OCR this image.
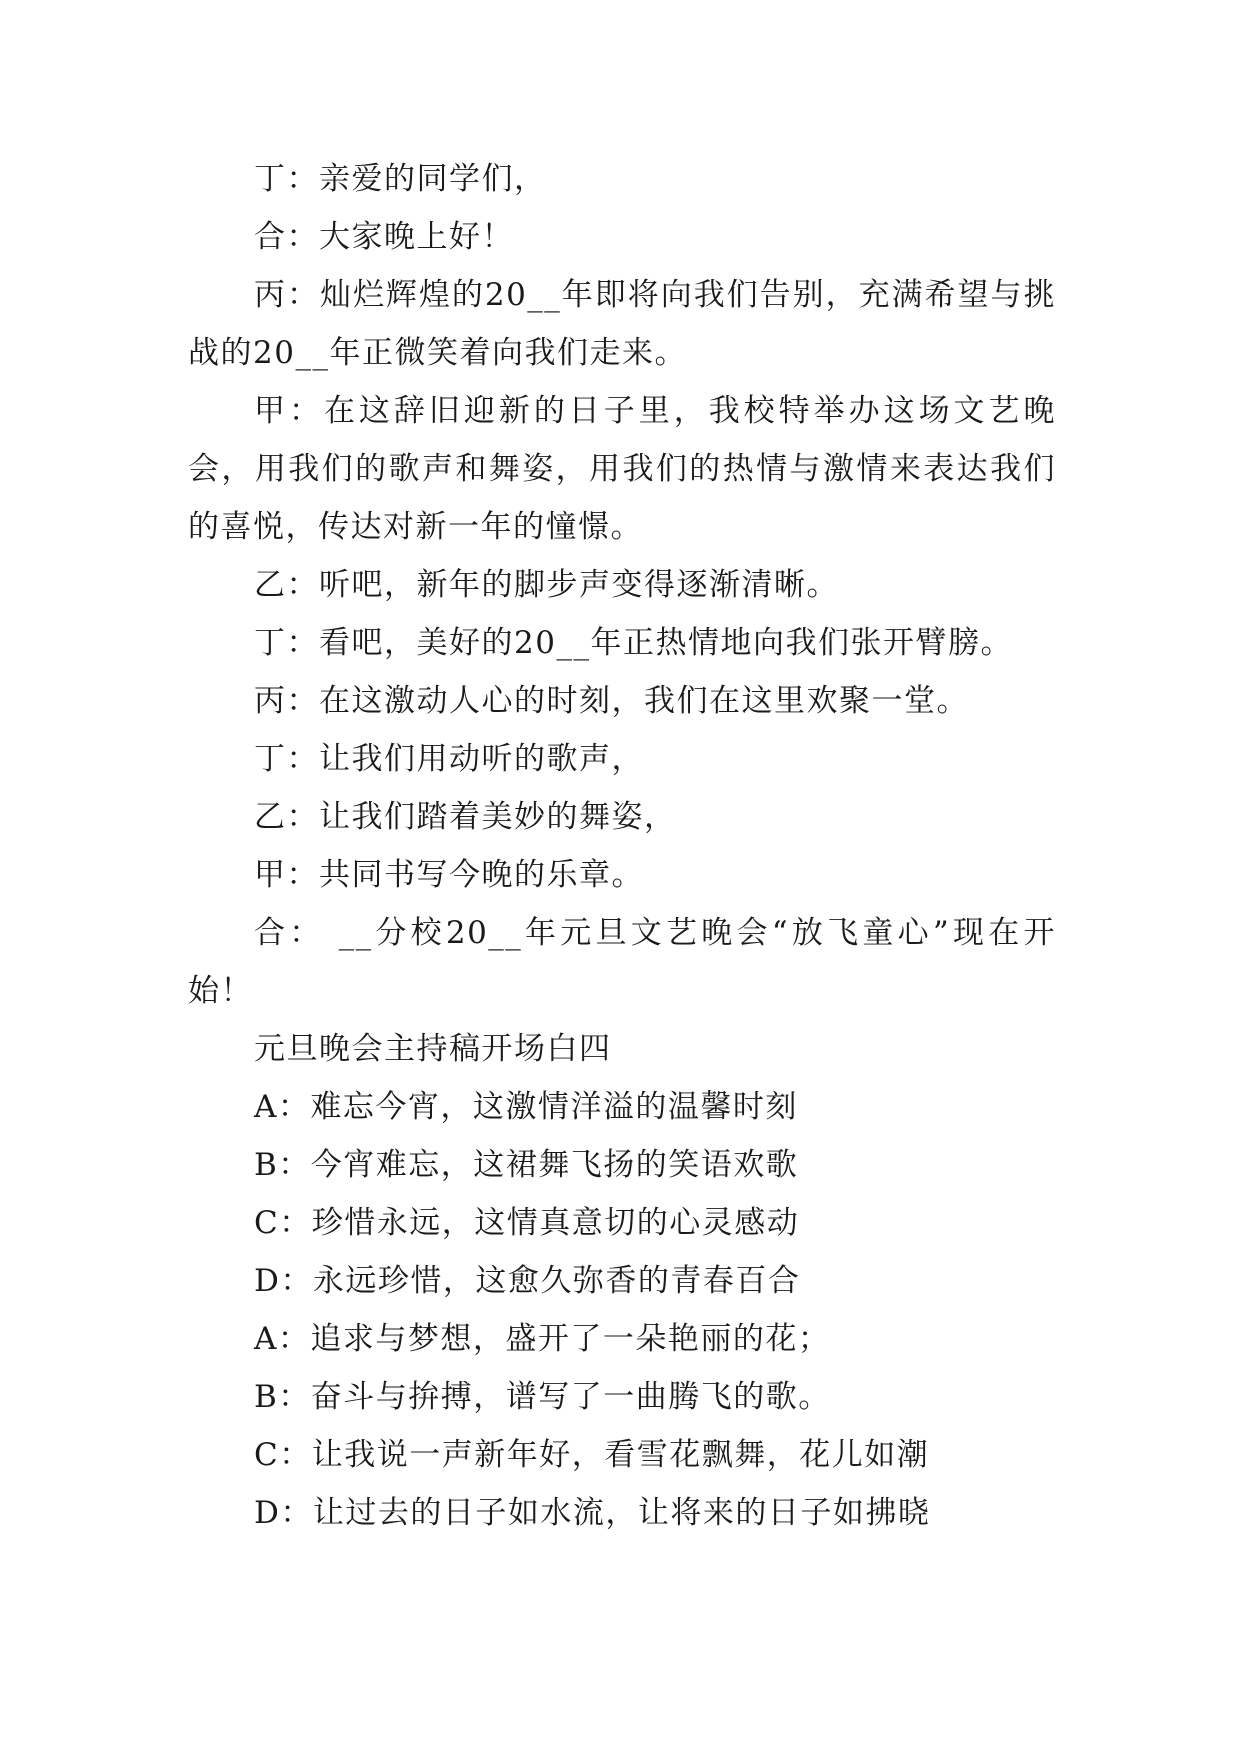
丁：亲爱的同学们，

合：大家晚上好！

丙：灿烂辉煌的20__年即将向我们告别，充满希望与挑战的20__年正微笑着向我们走来。

甲：在这辞旧迎新的日子里，我校特举办这场文艺晚会，用我们的歌声和舞姿，用我们的热情与激情来表达我们的喜悦，传达对新一年的憧憬。

乙：听吧，新年的脚步声变得逐渐清晰。

丁：看吧，美好的20__年正热情地向我们张开臂膀。

丙：在这激动人心的时刻，我们在这里欢聚一堂。

丁：让我们用动听的歌声，

乙：让我们踏着美妙的舞姿，

甲：共同书写今晚的乐章。

合： __分校20__年元旦文艺晚会“放飞童心”现在开始！

元旦晚会主持稿开场白四

A：难忘今宵，这激情洋溢的温馨时刻

B：今宵难忘，这裙舞飞扬的笑语欢歌

C：珍惜永远，这情真意切的心灵感动

D：永远珍惜，这愈久弥香的青春百合

A：追求与梦想，盛开了一朵艳丽的花；

B：奋斗与拚搏，谱写了一曲腾飞的歌。

C：让我说一声新年好，看雪花飘舞，花儿如潮

D：让过去的日子如水流，让将来的日子如拂晓
